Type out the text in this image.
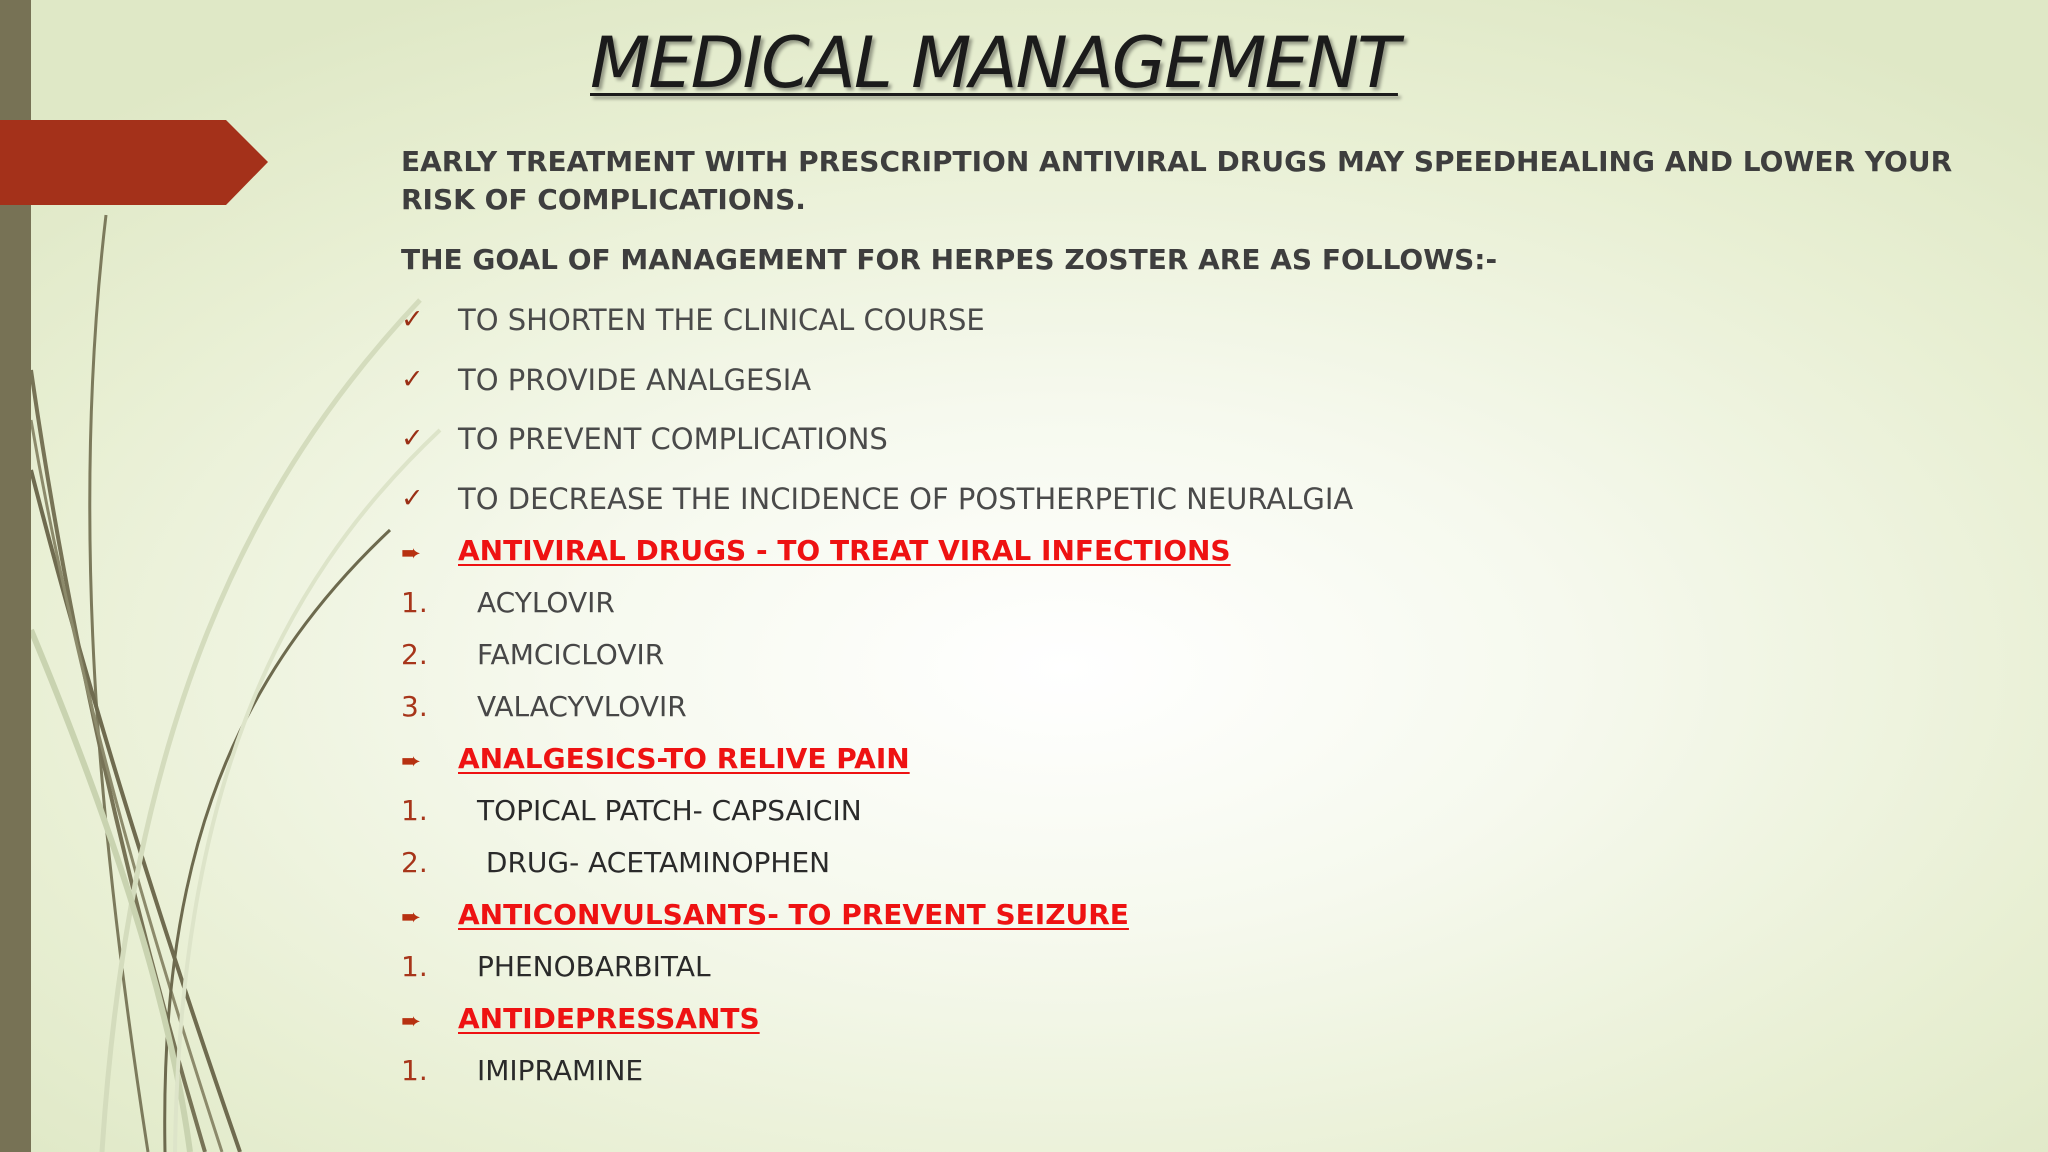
MEDICAL MANAGEMENT

EARLY TREATMENT WITH PRESCRIPTION ANTIVIRAL DRUGS MAY SPEEDHEALING AND LOWER YOUR

RISK OF COMPLICATIONS.

THE GOAL OF MANAGEMENT FOR HERPES ZOSTER ARE AS FOLLOWS:-

✓ TO SHORTEN THE CLINICAL COURSE
✓ TO PROVIDE ANALGESIA
✓ TO PREVENT COMPLICATIONS
✓ TO DECREASE THE INCIDENCE OF POSTHERPETIC NEURALGIA
➨ ANTIVIRAL DRUGS - TO TREAT VIRAL INFECTIONS
1. ACYLOVIR
2. FAMCICLOVIR
3. VALACYVLOVIR
➨ ANALGESICS-TO RELIVE PAIN
1. TOPICAL PATCH- CAPSAICIN
2. DRUG- ACETAMINOPHEN
➨ ANTICONVULSANTS- TO PREVENT SEIZURE
1. PHENOBARBITAL
➨ ANTIDEPRESSANTS
1. IMIPRAMINE
